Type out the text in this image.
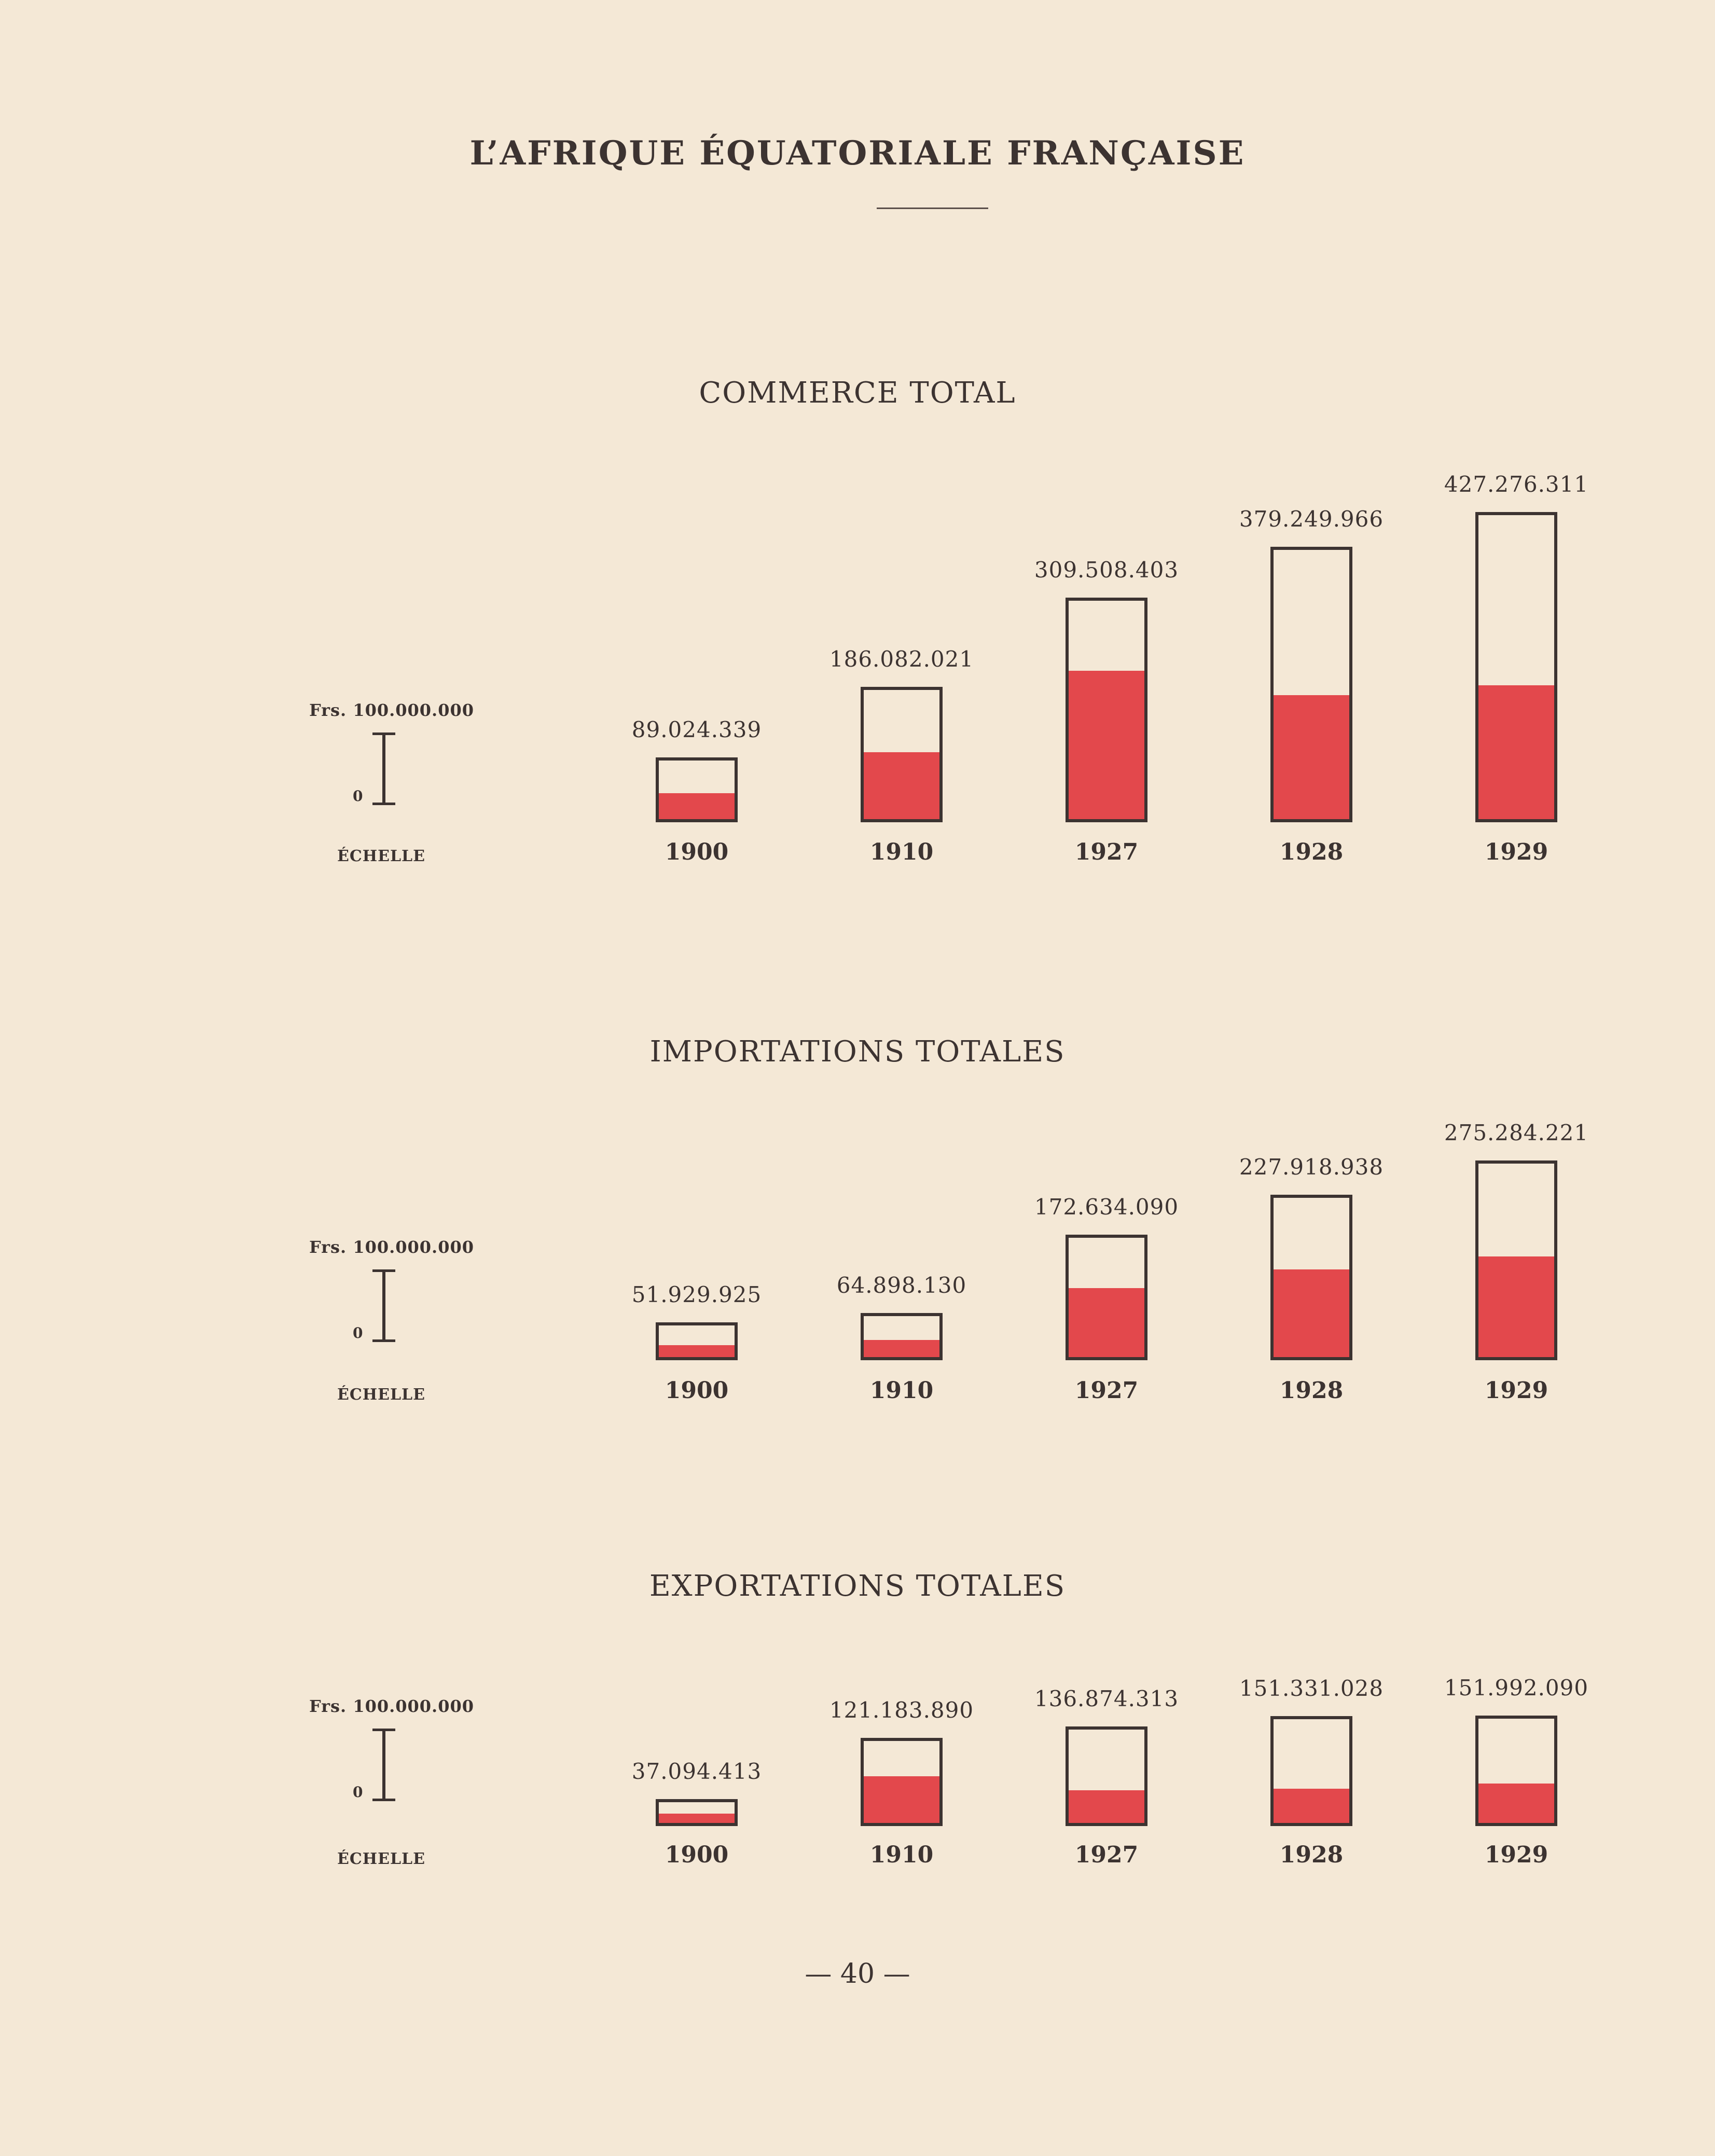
L’AFRIQUE ÉQUATORIALE FRANÇAISE
COMMERCE TOTAL
Frs. 100.000.000
0
ÉCHELLE
89.024.339
1900
186.082.021
1910
309.508.403
1927
379.249.966
1928
427.276.311
1929
IMPORTATIONS TOTALES
Frs. 100.000.000
0
ÉCHELLE
51.929.925
1900
64.898.130
1910
172.634.090
1927
227.918.938
1928
275.284.221
1929
EXPORTATIONS TOTALES
Frs. 100.000.000
0
ÉCHELLE
37.094.413
1900
121.183.890
1910
136.874.313
1927
151.331.028
1928
151.992.090
1929
— 40 —
